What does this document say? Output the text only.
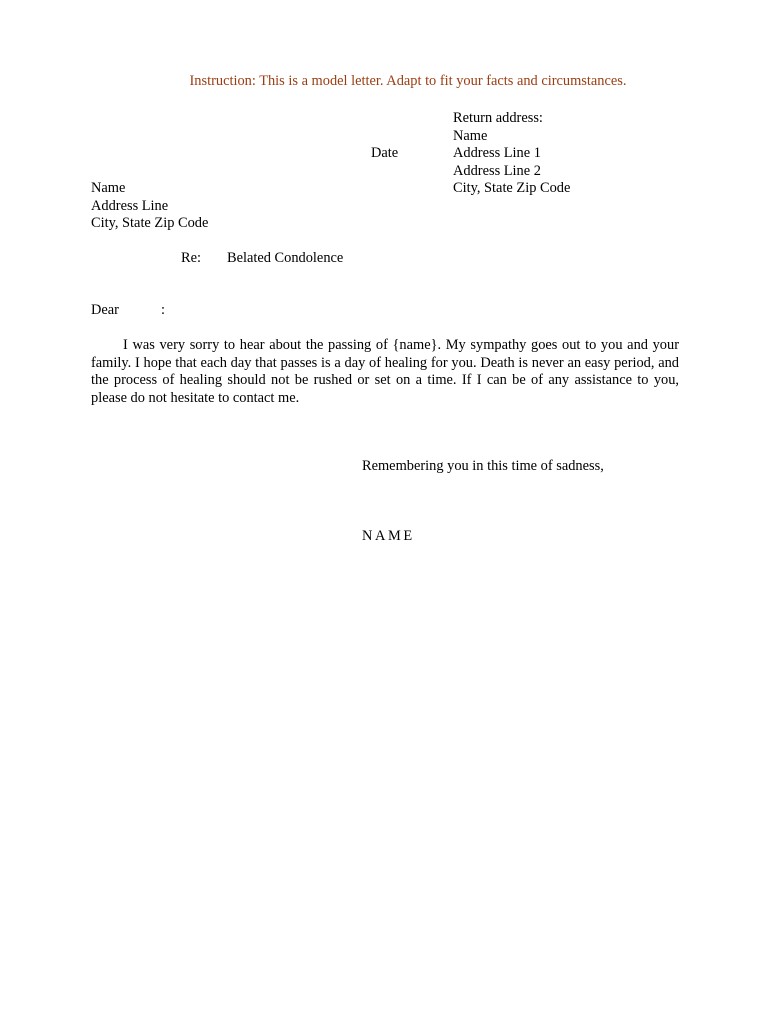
Instruction: This is a model letter. Adapt to fit your facts and circumstances.
Return address:
Name
Address Line 1
Address Line 2
City, State Zip Code
Date
Name
Address Line
City, State Zip Code
Re: Belated Condolence
Dear	:
I was very sorry to hear about the passing of {name}. My sympathy goes out to you and your family. I hope that each day that passes is a day of healing for you. Death is never an easy period, and the process of healing should not be rushed or set on a time. If I can be of any assistance to you, please do not hesitate to contact me.
Remembering you in this time of sadness,
NAME
